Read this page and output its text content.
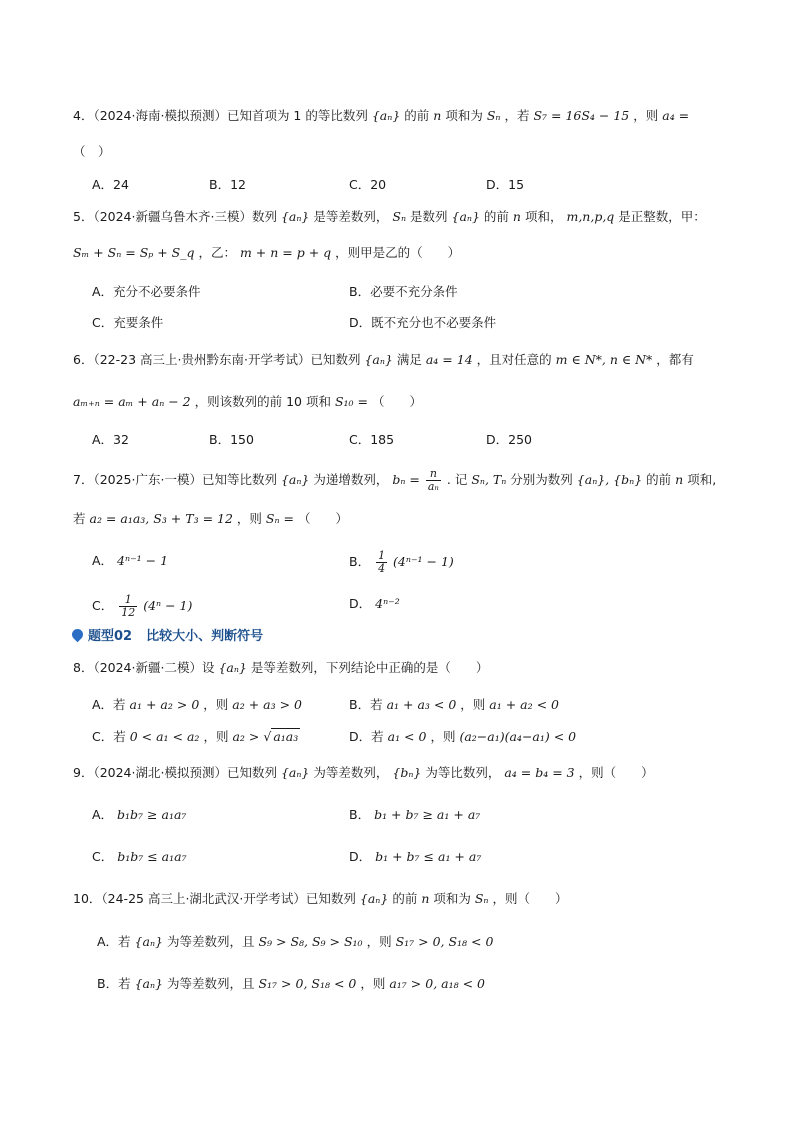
4．（2024·海南·模拟预测）已知首项为 1 的等比数列 {aₙ} 的前 n 项和为 Sₙ ，若 S₇ = 16S₄ − 15 ，则 a₄ =
（　）
A．24	B．12	C．20	D．15
5．（2024·新疆乌鲁木齐·三模）数列 {aₙ} 是等差数列， Sₙ 是数列 {aₙ} 的前 n 项和， m,n,p,q 是正整数，甲：
Sₘ + Sₙ = Sₚ + S_q ，乙： m + n = p + q ，则甲是乙的（　　）
A．充分不必要条件	B．必要不充分条件
C．充要条件	D．既不充分也不必要条件
6．（22-23 高三上·贵州黔东南·开学考试）已知数列 {aₙ} 满足 a₄ = 14 ，且对任意的 m ∈ N*, n ∈ N* ，都有
aₘ₊ₙ = aₘ + aₙ − 2 ，则该数列的前 10 项和 S₁₀ = （　　）
A．32	B．150	C．185	D．250
7．（2025·广东·一模）已知等比数列 {aₙ} 为递增数列， $b_n = \frac{n}{\text{aₙ}}$ . 记 Sₙ, Tₙ 分别为数列 {aₙ}, {bₙ} 的前 n 项和,
若 a₂ = a₁a₃, S₃ + T₃ = 12 ，则 Sₙ = （　　）
A． 4ⁿ⁻¹ − 1	B． $\frac{1}{4} (4^{n-1} - 1)$
C． $\frac{1}{12} (4^n - 1)$	D． 4ⁿ⁻²
题型02 比较大小、判断符号
8．（2024·新疆·二模）设 {aₙ} 是等差数列，下列结论中正确的是（　　）
A．若 a₁ + a₂ > 0 ，则 a₂ + a₃ > 0	B．若 a₁ + a₃ < 0 ，则 a₁ + a₂ < 0
C．若 0 < a₁ < a₂ ，则 a₂ > √ a₁a₃	D．若 a₁ < 0 ，则 (a₂−a₁)(a₄−a₁) < 0
9．（2024·湖北·模拟预测）已知数列 {aₙ} 为等差数列， {bₙ} 为等比数列， a₄ = b₄ = 3 ，则（　　）
A． b₁b₇ ≥ a₁a₇	B． b₁ + b₇ ≥ a₁ + a₇
C． b₁b₇ ≤ a₁a₇	D． b₁ + b₇ ≤ a₁ + a₇
10．（24-25 高三上·湖北武汉·开学考试）已知数列 {aₙ} 的前 n 项和为 Sₙ ，则（　　）
A．若 {aₙ} 为等差数列，且 S₉ > S₈, S₉ > S₁₀ ，则 S₁₇ > 0, S₁₈ < 0
B．若 {aₙ} 为等差数列，且 S₁₇ > 0, S₁₈ < 0 ，则 a₁₇ > 0, a₁₈ < 0
